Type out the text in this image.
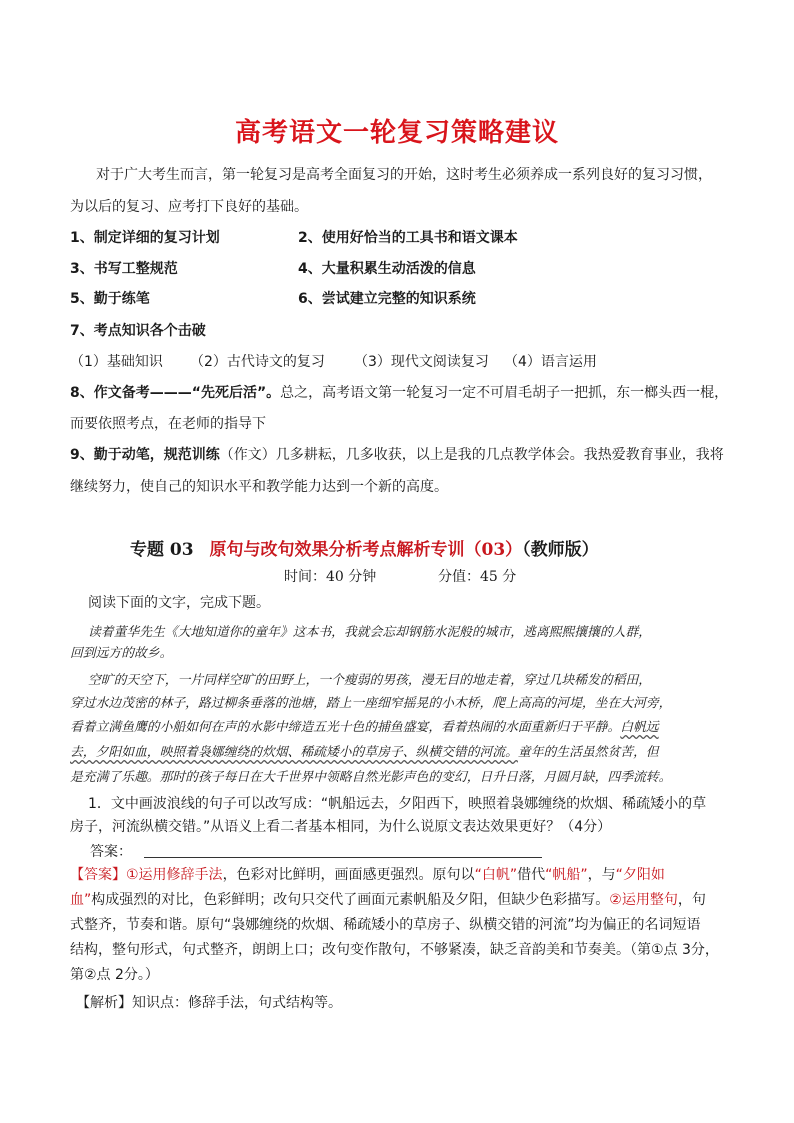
高考语文一轮复习策略建议
对于广大考生而言，第一轮复习是高考全面复习的开始，这时考生必须养成一系列良好的复习习惯，
为以后的复习、应考打下良好的基础。
1、制定详细的复习计划	2、使用好恰当的工具书和语文课本
3、书写工整规范	4、大量积累生动活泼的信息
5、勤于练笔	6、尝试建立完整的知识系统
7、考点知识各个击破
（1）基础知识 （2）古代诗文的复习 （3）现代文阅读复习 （4）语言运用
8、作文备考———“先死后活”。总之，高考语文第一轮复习一定不可眉毛胡子一把抓，东一榔头西一棍，
而要依照考点，在老师的指导下
9、勤于动笔，规范训练（作文）几多耕耘，几多收获，以上是我的几点教学体会。我热爱教育事业，我将
继续努力，使自己的知识水平和教学能力达到一个新的高度。
专题 03 原句与改句效果分析考点解析专训（03）（教师版）
时间：40 分钟	分值：45 分
阅读下面的文字，完成下题。
读着董华先生《大地知道你的童年》这本书，我就会忘却钢筋水泥般的城市，逃离熙熙攘攘的人群，
回到远方的故乡。
空旷的天空下，一片同样空旷的田野上，一个瘦弱的男孩，漫无目的地走着，穿过几块稀发的稻田，
穿过水边茂密的林子，路过柳条垂落的池塘，踏上一座细窄摇晃的小木桥，爬上高高的河堤，坐在大河旁，
看着立满鱼鹰的小船如何在声的水影中缔造五光十色的捕鱼盛宴，看着热闹的水面重新归于平静。白帆远
去，夕阳如血，映照着袅娜缠绕的炊烟、稀疏矮小的草房子、纵横交错的河流。童年的生活虽然贫苦，但
是充满了乐趣。那时的孩子每日在大千世界中领略自然光影声色的变幻，日升日落，月圆月缺，四季流转。
1．文中画波浪线的句子可以改写成：“帆船远去，夕阳西下，映照着袅娜缠绕的炊烟、稀疏矮小的草
房子，河流纵横交错。”从语义上看二者基本相同，为什么说原文表达效果更好？（4分）
答案：
【答案】①运用修辞手法，色彩对比鲜明，画面感更强烈。原句以“白帆”借代“帆船”，与“夕阳如
血”构成强烈的对比，色彩鲜明；改句只交代了画面元素帆船及夕阳，但缺少色彩描写。②运用整句，句
式整齐，节奏和谐。原句“袅娜缠绕的炊烟、稀疏矮小的草房子、纵横交错的河流”均为偏正的名词短语
结构，整句形式，句式整齐，朗朗上口；改句变作散句，不够紧凑，缺乏音韵美和节奏美。（第①点 3分，
第②点 2分。）
【解析】知识点：修辞手法，句式结构等。
